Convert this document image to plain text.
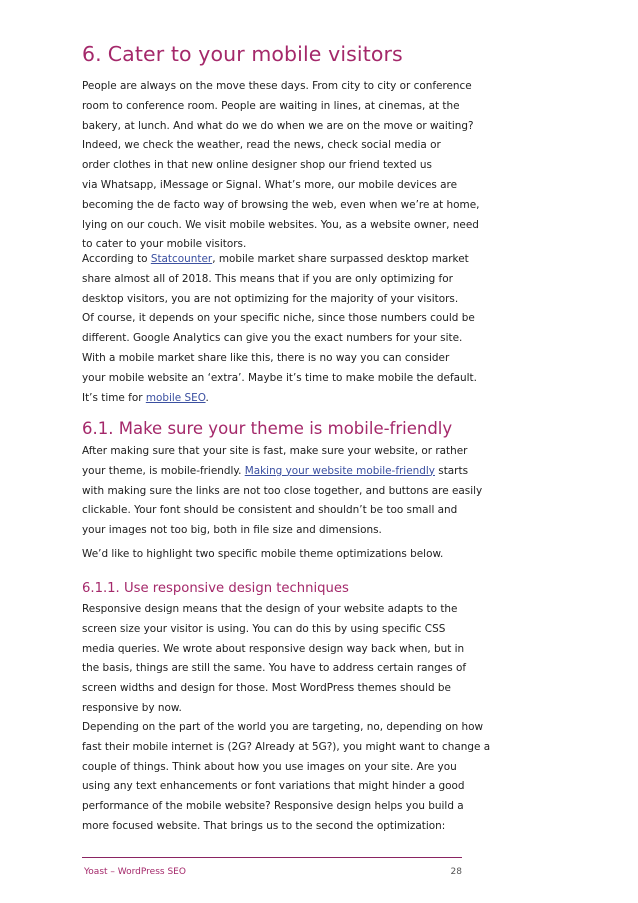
6. Cater to your mobile visitors
People are always on the move these days. From city to city or conference
room to conference room. People are waiting in lines, at cinemas, at the
bakery, at lunch. And what do we do when we are on the move or waiting?
Indeed, we check the weather, read the news, check social media or
order clothes in that new online designer shop our friend texted us
via Whatsapp, iMessage or Signal. What’s more, our mobile devices are
becoming the de facto way of browsing the web, even when we’re at home,
lying on our couch. We visit mobile websites. You, as a website owner, need
to cater to your mobile visitors.
According to Statcounter, mobile market share surpassed desktop market
share almost all of 2018. This means that if you are only optimizing for
desktop visitors, you are not optimizing for the majority of your visitors.
Of course, it depends on your specific niche, since those numbers could be
different. Google Analytics can give you the exact numbers for your site.
With a mobile market share like this, there is no way you can consider
your mobile website an ‘extra’. Maybe it’s time to make mobile the default.
It’s time for mobile SEO.
6.1. Make sure your theme is mobile-friendly
After making sure that your site is fast, make sure your website, or rather
your theme, is mobile-friendly. Making your website mobile-friendly starts
with making sure the links are not too close together, and buttons are easily
clickable. Your font should be consistent and shouldn’t be too small and
your images not too big, both in file size and dimensions.
We’d like to highlight two specific mobile theme optimizations below.
6.1.1. Use responsive design techniques
Responsive design means that the design of your website adapts to the
screen size your visitor is using. You can do this by using specific CSS
media queries. We wrote about responsive design way back when, but in
the basis, things are still the same. You have to address certain ranges of
screen widths and design for those. Most WordPress themes should be
responsive by now.
Depending on the part of the world you are targeting, no, depending on how
fast their mobile internet is (2G? Already at 5G?), you might want to change a
couple of things. Think about how you use images on your site. Are you
using any text enhancements or font variations that might hinder a good
performance of the mobile website? Responsive design helps you build a
more focused website. That brings us to the second the optimization:
Yoast – WordPress SEO	28
